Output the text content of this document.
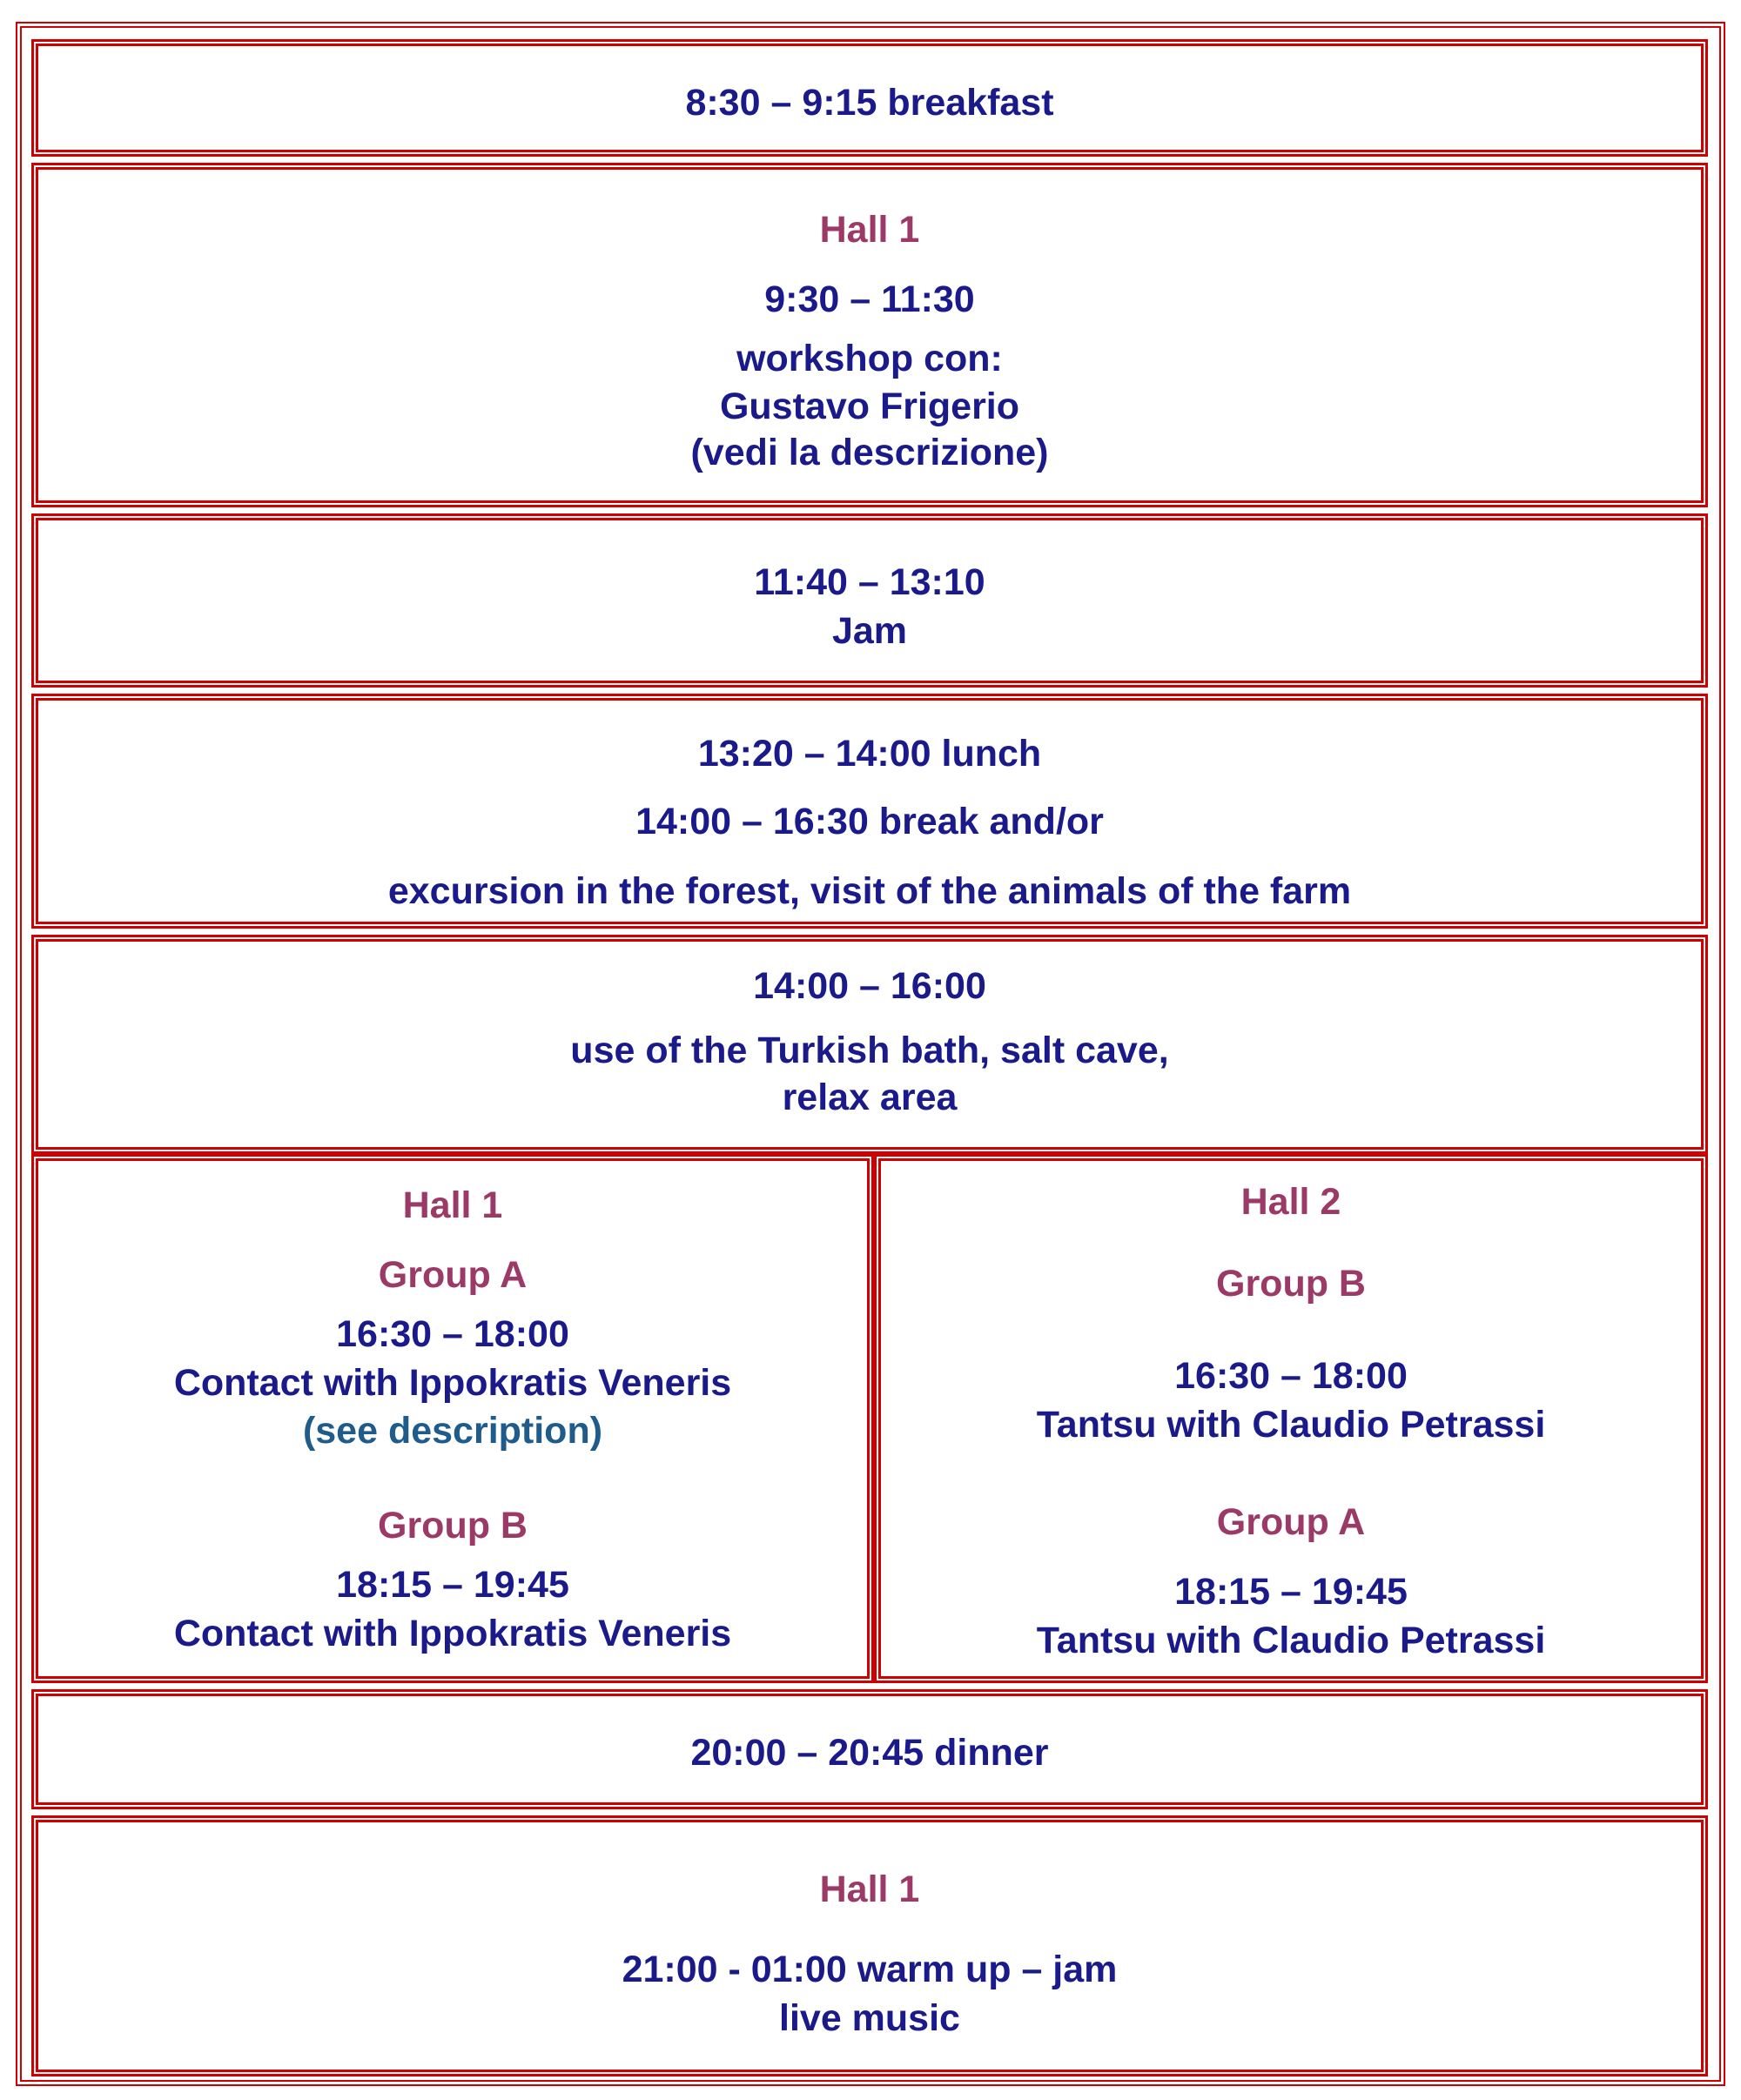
8:30 – 9:15 breakfast
Hall 1
9:30 – 11:30
workshop con:
Gustavo Frigerio
(vedi la descrizione)
11:40 – 13:10
Jam
13:20 – 14:00 lunch
14:00 – 16:30 break and/or
excursion in the forest, visit of the animals of the farm
14:00 – 16:00
use of the Turkish bath, salt cave,
relax area
Hall 1
Group A
16:30 – 18:00
Contact with Ippokratis Veneris
(see description)
Group B
18:15 – 19:45
Contact with Ippokratis Veneris
Hall 2
Group B
16:30 – 18:00
Tantsu with Claudio Petrassi
Group A
18:15 – 19:45
Tantsu with Claudio Petrassi
20:00 – 20:45 dinner
Hall 1
21:00 - 01:00 warm up – jam
live music
